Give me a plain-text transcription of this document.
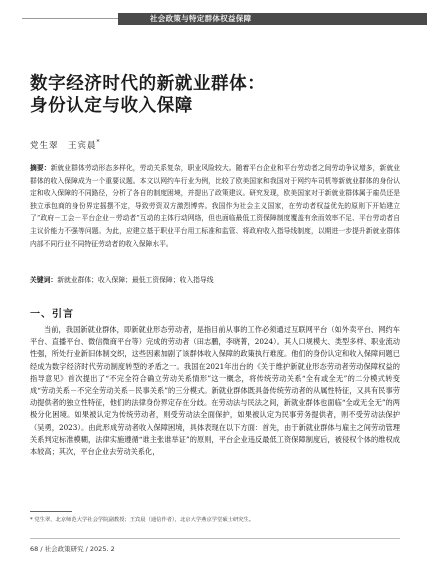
社会政策与特定群体权益保障
数字经济时代的新就业群体：
身份认定与收入保障
党生翠　王宾晨*
摘要：新就业群体劳动形态多样化，劳动关系复杂，职业风险较大。随着平台企业和平台劳动者之间劳动争议增多，新就业群体的收入保障成为一个重要议题。本文以网约车行业为例，比较了欧美国家和我国对于网约车司机等新就业群体的身份认定和收入保障的不同路径，分析了各自的制度困境，并提出了政策建议。研究发现，欧美国家对于新就业群体属于雇员还是独立承包商的身份界定摇摆不定，导致劳资双方激烈博弈。我国作为社会主义国家，在劳动者权益优先的原则下开始建立了“政府－工会－平台企业－劳动者”互动的主体行动网络，但也面临最低工资保障制度覆盖有余而效率不足、平台劳动者自主议价能力不强等问题。为此，应建立基于职业平台用工标准和监管、将政府收入指导线制度，以期进一步提升新就业群体内部不同行业不同特征劳动者的收入保障水平。
关键词：新就业群体；收入保障；最低工资保障；收入指导线
一、引言
当前，我国新就业群体，即新就业形态劳动者，是指目前从事的工作必须通过互联网平台（如外卖平台、网约车平台、直播平台、微信微商平台等）完成的劳动者（田志鹏，李晓菁，2024）。其人口规模大、类型多样、职业流动性强，所处行业新旧体制交织，这些因素加剧了该群体收入保障的政策执行难度。他们的身份认定和收入保障问题已经成为数字经济时代劳动制度转型的矛盾之一。我国在2021年出台的《关于维护新就业形态劳动者劳动保障权益的指导意见》首次提出了“不完全符合确立劳动关系情形”这一概念，将传统劳动关系“全有或全无”的二分模式转变成“劳动关系－不完全劳动关系－民事关系”的三分模式。新就业群体既具备传统劳动者的从属性特征，又具有民事劳动提供者的独立性特征，他们的法律身份界定存在分歧。在劳动法与民法之间，新就业群体也面临“全或无全无”的两极分化困境。如果被认定为传统劳动者，则受劳动法全面保护，如果被认定为民事劳务提供者，则不受劳动法保护（吴勇，2023）。由此形成劳动者收入保障困境，具体表现在以下方面：首先，由于新就业群体与雇主之间劳动管理关系判定标准模糊，法律实施遵循“谁主张谁举证”的原则，平台企业违反最低工资保障制度后，被侵权个体的维权成本较高；其次，平台企业去劳动关系化，
* 党生翠，北京师范大学社会学院副教授；王宾晨（通信作者），北京大学燕京学堂硕士研究生。
68 / 社会政策研究 / 2025. 2
